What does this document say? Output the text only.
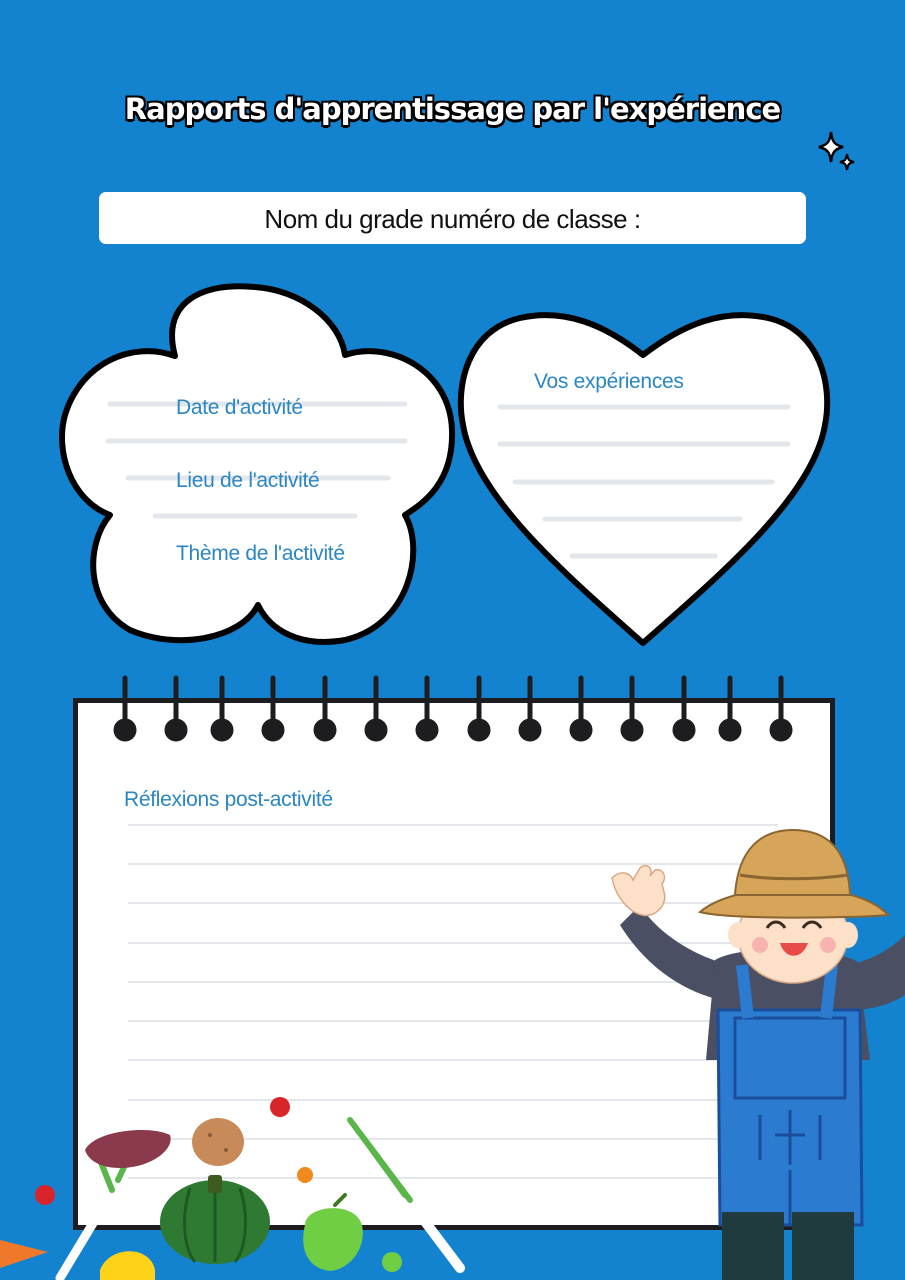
Rapports d'apprentissage par l'expérience
Nom du grade numéro de classe :
Date d'activité
Lieu de l'activité
Thème de l'activité
Vos expériences
Réflexions post-activité
